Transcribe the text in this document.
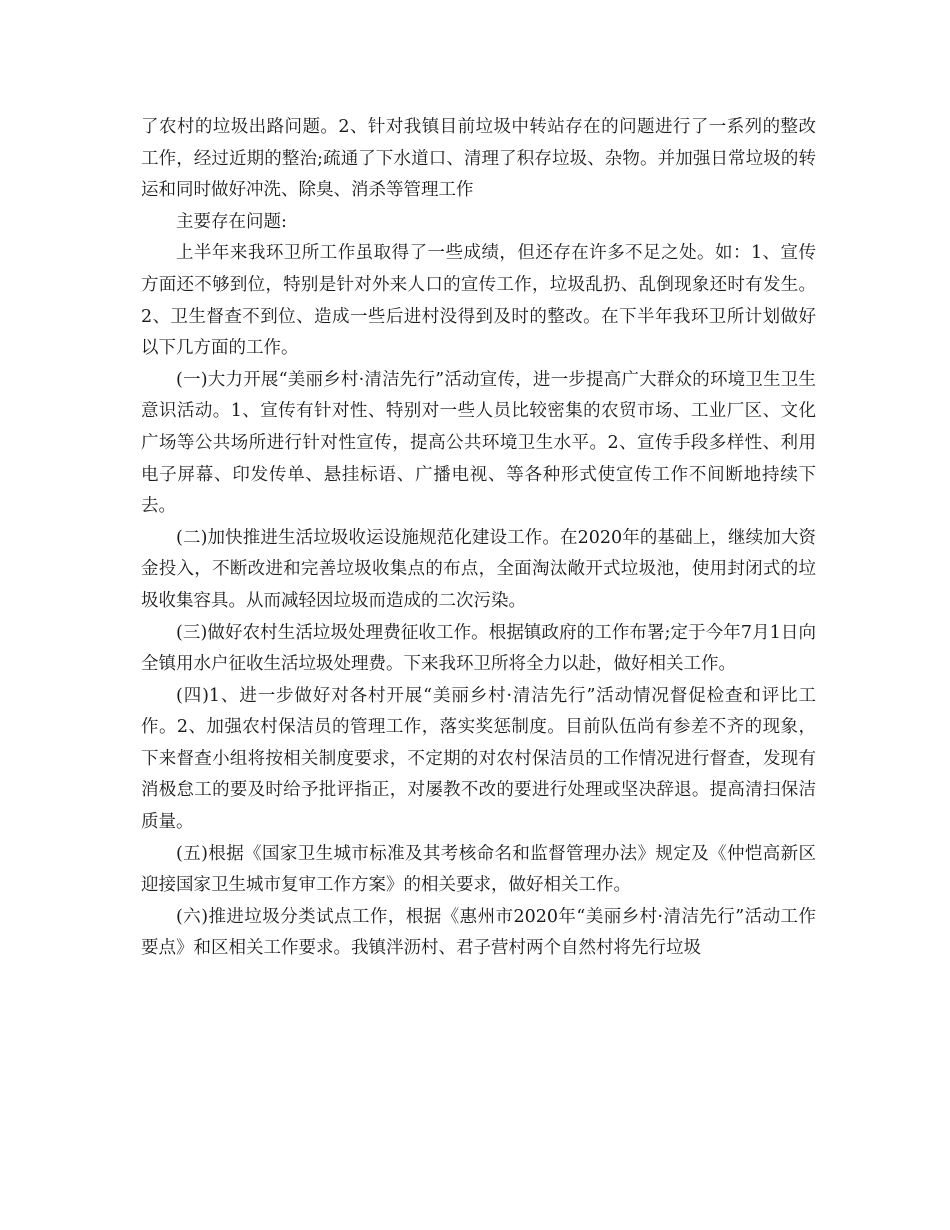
了农村的垃圾出路问题。2、针对我镇目前垃圾中转站存在的问题进行了一系列的整改工作，经过近期的整治;疏通了下水道口、清理了积存垃圾、杂物。并加强日常垃圾的转运和同时做好冲洗、除臭、消杀等管理工作

主要存在问题:

上半年来我环卫所工作虽取得了一些成绩，但还存在许多不足之处。如：1、宣传方面还不够到位，特别是针对外来人口的宣传工作，垃圾乱扔、乱倒现象还时有发生。2、卫生督查不到位、造成一些后进村没得到及时的整改。在下半年我环卫所计划做好以下几方面的工作。

(一)大力开展“美丽乡村·清洁先行”活动宣传，进一步提高广大群众的环境卫生卫生意识活动。1、宣传有针对性、特别对一些人员比较密集的农贸市场、工业厂区、文化广场等公共场所进行针对性宣传，提高公共环境卫生水平。2、宣传手段多样性、利用电子屏幕、印发传单、悬挂标语、广播电视、等各种形式使宣传工作不间断地持续下去。

(二)加快推进生活垃圾收运设施规范化建设工作。在2020年的基础上，继续加大资金投入，不断改进和完善垃圾收集点的布点，全面淘汰敞开式垃圾池，使用封闭式的垃圾收集容具。从而减轻因垃圾而造成的二次污染。

(三)做好农村生活垃圾处理费征收工作。根据镇政府的工作布署;定于今年7月1日向全镇用水户征收生活垃圾处理费。下来我环卫所将全力以赴，做好相关工作。

(四)1、进一步做好对各村开展“美丽乡村·清洁先行”活动情况督促检查和评比工作。2、加强农村保洁员的管理工作，落实奖惩制度。目前队伍尚有参差不齐的现象，下来督查小组将按相关制度要求，不定期的对农村保洁员的工作情况进行督查，发现有消极怠工的要及时给予批评指正，对屡教不改的要进行处理或坚决辞退。提高清扫保洁质量。

(五)根据《国家卫生城市标准及其考核命名和监督管理办法》规定及《仲恺高新区迎接国家卫生城市复审工作方案》的相关要求，做好相关工作。

(六)推进垃圾分类试点工作，根据《惠州市2020年“美丽乡村·清洁先行”活动工作要点》和区相关工作要求。我镇泮沥村、君子营村两个自然村将先行垃圾
